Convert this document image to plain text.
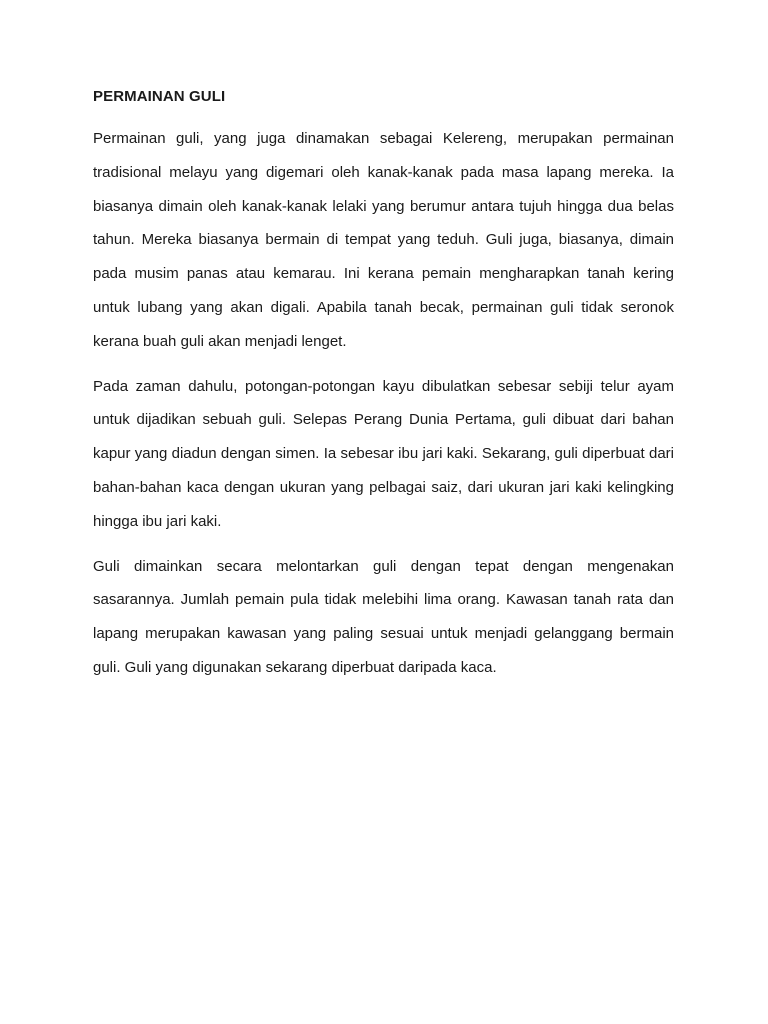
PERMAINAN GULI

Permainan guli, yang juga dinamakan sebagai Kelereng, merupakan permainan tradisional melayu yang digemari oleh kanak-kanak pada masa lapang mereka. Ia biasanya dimain oleh kanak-kanak lelaki yang berumur antara tujuh hingga dua belas tahun. Mereka biasanya bermain di tempat yang teduh. Guli juga, biasanya, dimain pada musim panas atau kemarau. Ini kerana pemain mengharapkan tanah kering untuk lubang yang akan digali. Apabila tanah becak, permainan guli tidak seronok kerana buah guli akan menjadi lenget.

Pada zaman dahulu, potongan-potongan kayu dibulatkan sebesar sebiji telur ayam untuk dijadikan sebuah guli. Selepas Perang Dunia Pertama, guli dibuat dari bahan kapur yang diadun dengan simen. Ia sebesar ibu jari kaki. Sekarang, guli diperbuat dari bahan-bahan kaca dengan ukuran yang pelbagai saiz, dari ukuran jari kaki kelingking hingga ibu jari kaki.

Guli dimainkan secara melontarkan guli dengan tepat dengan mengenakan sasarannya. Jumlah pemain pula tidak melebihi lima orang. Kawasan tanah rata dan lapang merupakan kawasan yang paling sesuai untuk menjadi gelanggang bermain guli. Guli yang digunakan sekarang diperbuat daripada kaca.
